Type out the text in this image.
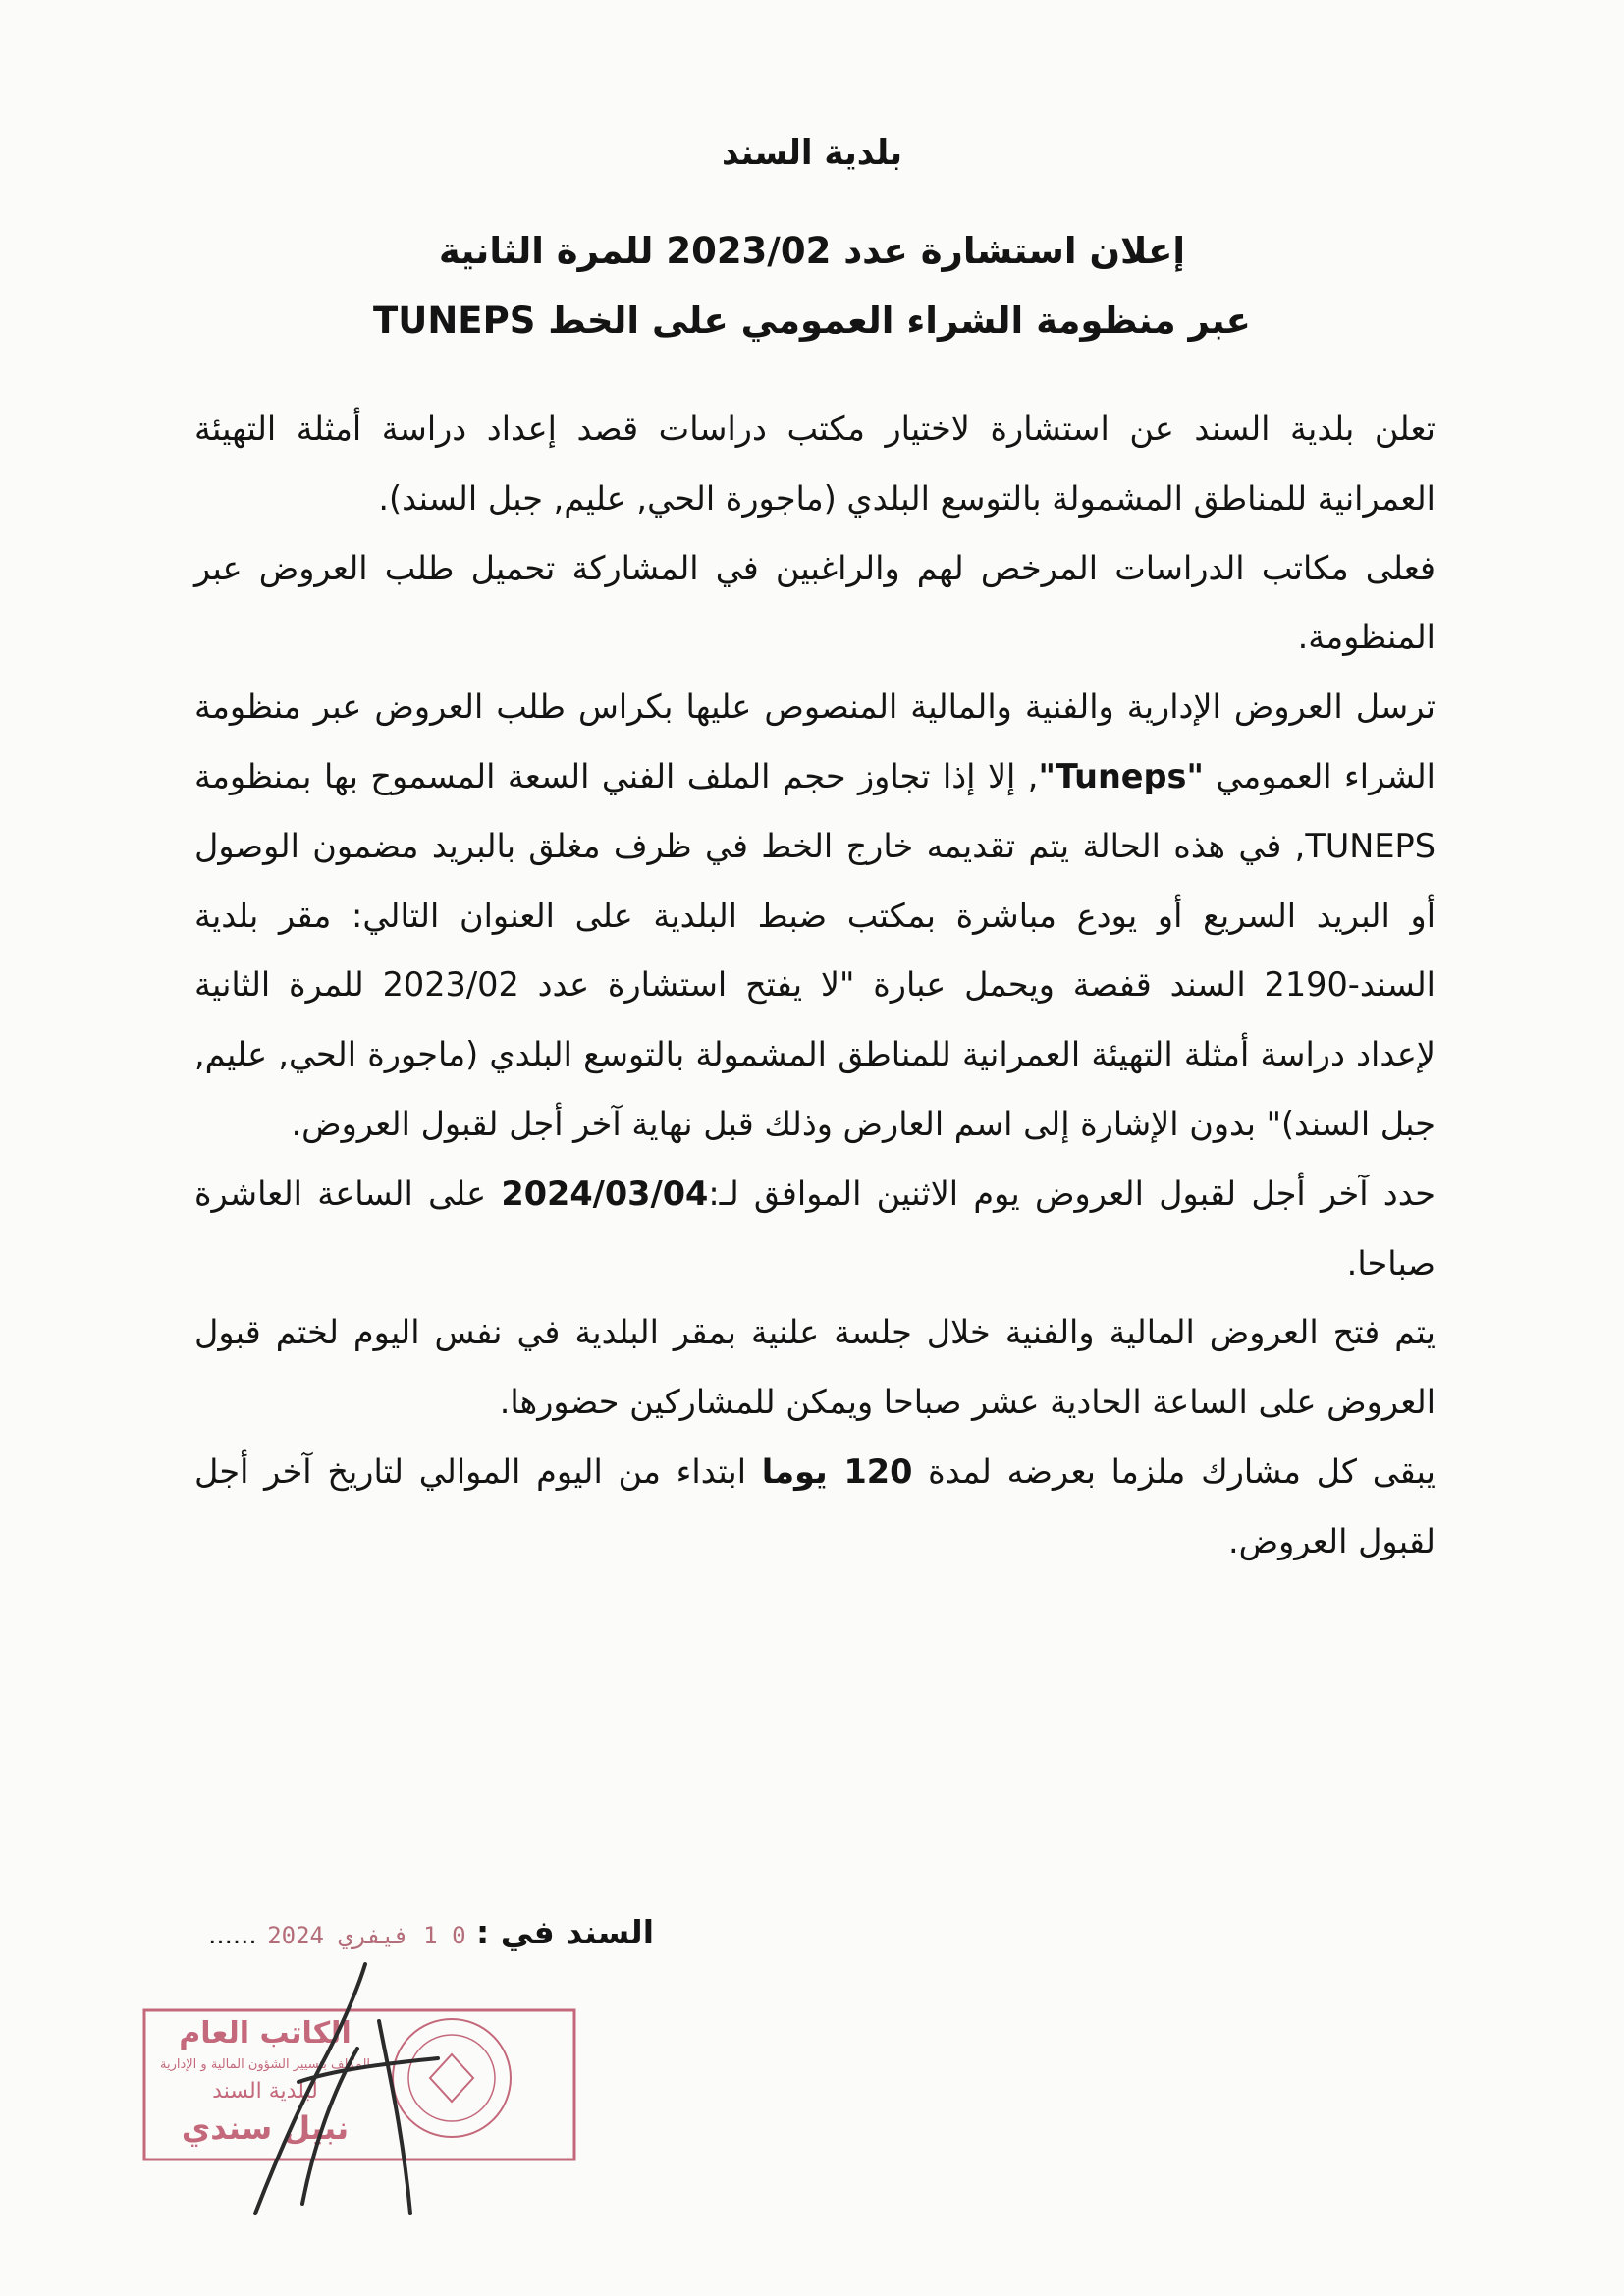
بلدية السند
إعلان استشارة عدد 2023/02 للمرة الثانية
عبر منظومة الشراء العمومي على الخط TUNEPS

تعلن بلدية السند عن استشارة لاختيار مكتب دراسات قصد إعداد دراسة أمثلة التهيئة العمرانية للمناطق المشمولة بالتوسع البلدي (ماجورة الحي, عليم, جبل السند).

فعلى مكاتب الدراسات المرخص لهم والراغبين في المشاركة تحميل طلب العروض عبر المنظومة.

ترسل العروض الإدارية والفنية والمالية المنصوص عليها بكراس طلب العروض عبر منظومة الشراء العمومي "Tuneps", إلا إذا تجاوز حجم الملف الفني السعة المسموح بها بمنظومة TUNEPS, في هذه الحالة يتم تقديمه خارج الخط في ظرف مغلق بالبريد مضمون الوصول أو البريد السريع أو يودع مباشرة بمكتب ضبط البلدية على العنوان التالي: مقر بلدية السند-2190 السند قفصة ويحمل عبارة "لا يفتح استشارة عدد 2023/02 للمرة الثانية لإعداد دراسة أمثلة التهيئة العمرانية للمناطق المشمولة بالتوسع البلدي (ماجورة الحي, عليم, جبل السند)" بدون الإشارة إلى اسم العارض وذلك قبل نهاية آخر أجل لقبول العروض.

حدد آخر أجل لقبول العروض يوم الاثنين الموافق لـ:2024/03/04 على الساعة العاشرة صباحا.

يتم فتح العروض المالية والفنية خلال جلسة علنية بمقر البلدية في نفس اليوم لختم قبول العروض على الساعة الحادية عشر صباحا ويمكن للمشاركين حضورها.

يبقى كل مشارك ملزما بعرضه لمدة 120 يوما ابتداء من اليوم الموالي لتاريخ آخر أجل لقبول العروض.

السند في : 0 1 فيفري 2024 ......
الكاتب العام
المكلف بتسيير الشؤون المالية و الإدارية
لبلدية السند
نبيل سندي
